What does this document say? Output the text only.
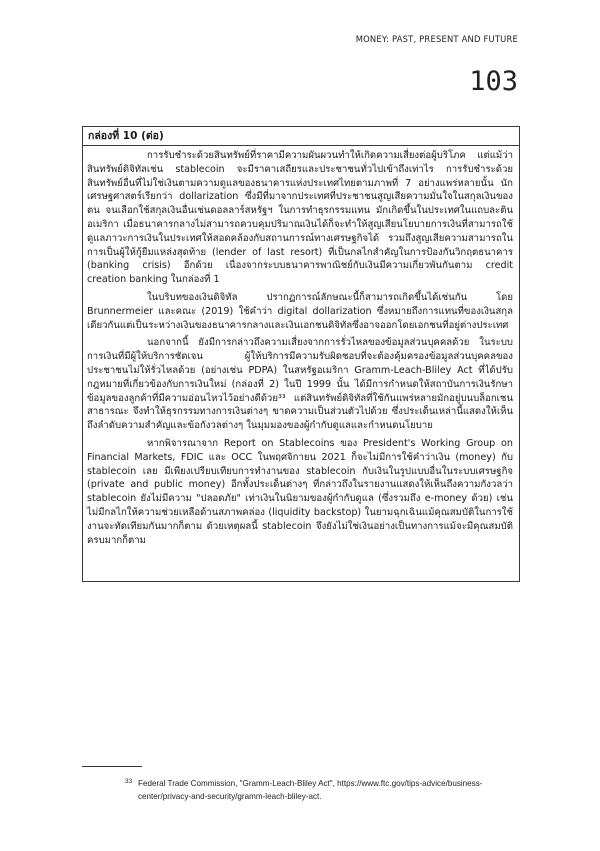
MONEY: PAST, PRESENT AND FUTURE
103
กล่องที่ 10 (ต่อ)

การรับชำระด้วยสินทรัพย์ที่ราคามีความผันผวนทำให้เกิดความเสี่ยงต่อผู้บริโภค แต่แม้ว่าสินทรัพย์ดิจิทัลเช่น stablecoin จะมีราคาเสถียรและประชาชนทั่วไปเข้าถึงเท่าไร การรับชำระด้วยสินทรัพย์อื่นที่ไม่ใช่เงินตามความดูแลของธนาคารแห่งประเทศไทยตามภาพที่ 7 อย่างแพร่หลายนั้น นักเศรษฐศาสตร์เรียกว่า dollarization ซึ่งมีที่มาจากประเทศที่ประชาชนสูญเสียความมั่นใจในสกุลเงินของตน จนเลือกใช้สกุลเงินอื่นเช่นดอลลาร์สหรัฐฯ ในการทำธุรกรรมแทน มักเกิดขึ้นในประเทศในแถบละตินอเมริกา เมื่อธนาคารกลางไม่สามารถควบคุมปริมาณเงินได้ก็จะทำให้สูญเสียนโยบายการเงินที่สามารถใช้ดูแลภาวะการเงินในประเทศให้สอดคล้องกับสถานการณ์ทางเศรษฐกิจได้ รวมถึงสูญเสียความสามารถในการเป็นผู้ให้กู้ยืมแหล่งสุดท้าย (lender of last resort) ที่เป็นกลไกสำคัญในการป้องกันวิกฤตธนาคาร (banking crisis) อีกด้วย เนื่องจากระบบธนาคารพาณิชย์กับเงินมีความเกี่ยวพันกันตาม credit creation banking ในกล่องที่ 1

ในบริบทของเงินดิจิทัล ปรากฏการณ์ลักษณะนี้ก็สามารถเกิดขึ้นได้เช่นกัน โดย Brunnermeier และคณะ (2019) ใช้คำว่า digital dollarization ซึ่งหมายถึงการแทนที่ของเงินสกุลเดียวกันแต่เป็นระหว่างเงินของธนาคารกลางและเงินเอกชนดิจิทัลซึ่งอาจออกโดยเอกชนที่อยู่ต่างประเทศ

นอกจากนี้ ยังมีการกล่าวถึงความเสี่ยงจากการรั่วไหลของข้อมูลส่วนบุคคลด้วย ในระบบการเงินที่มีผู้ให้บริการชัดเจน ผู้ให้บริการมีความรับผิดชอบที่จะต้องคุ้มครองข้อมูลส่วนบุคคลของประชาชนไม่ให้รั่วไหลด้วย (อย่างเช่น PDPA) ในสหรัฐอเมริกา Gramm-Leach-Bliley Act ที่ได้ปรับกฎหมายที่เกี่ยวข้องกับการเงินใหม่ (กล่องที่ 2) ในปี 1999 นั้น ได้มีการกำหนดให้สถาบันการเงินรักษาข้อมูลของลูกค้าที่มีความอ่อนไหวไว้อย่างดีด้วย³³ แต่สินทรัพย์ดิจิทัลที่ใช้กันแพร่หลายมักอยู่บนบล็อกเชนสาธารณะ จึงทำให้ธุรกรรมทางการเงินต่างๆ ขาดความเป็นส่วนตัวไปด้วย ซึ่งประเด็นเหล่านี้แสดงให้เห็นถึงลำดับความสำคัญและข้อกังวลต่างๆ ในมุมมองของผู้กำกับดูแลและกำหนดนโยบาย

หากพิจารณาจาก Report on Stablecoins ของ President's Working Group on Financial Markets, FDIC และ OCC ในพฤศจิกายน 2021 ก็จะไม่มีการใช้คำว่าเงิน (money) กับ stablecoin เลย มีเพียงเปรียบเทียบการทำงานของ stablecoin กับเงินในรูปแบบอื่นในระบบเศรษฐกิจ (private and public money) อีกทั้งประเด็นต่างๆ ที่กล่าวถึงในรายงานแสดงให้เห็นถึงความกังวลว่า stablecoin ยังไม่มีความ "ปลอดภัย" เท่าเงินในนิยามของผู้กำกับดูแล (ซึ่งรวมถึง e-money ด้วย) เช่น ไม่มีกลไกให้ความช่วยเหลือด้านสภาพคล่อง (liquidity backstop) ในยามฉุกเฉินแม้คุณสมบัติในการใช้งานจะทัดเทียมกันมากก็ตาม ด้วยเหตุผลนี้ stablecoin จึงยังไม่ใช่เงินอย่างเป็นทางการแม้จะมีคุณสมบัติครบมากก็ตาม

33 Federal Trade Commission, "Gramm-Leach-Bliley Act", https://www.ftc.gov/tips-advice/business-center/privacy-and-security/gramm-leach-bliley-act.
